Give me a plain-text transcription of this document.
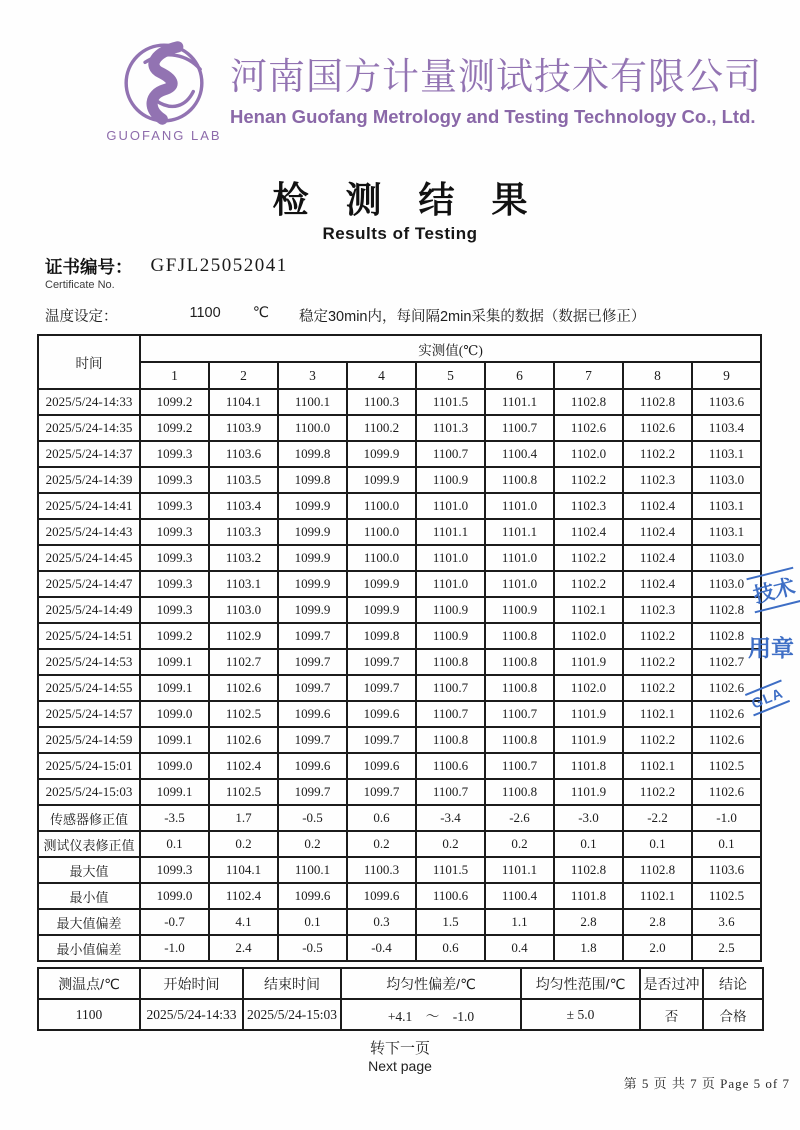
GUOFANG LAB
河南国方计量测试技术有限公司
Henan Guofang Metrology and Testing Technology Co., Ltd.
检 测 结 果
Results of Testing
证书编号：
Certificate No.
GFJL25052041
温度设定：	1100 ℃ 稳定30min内，每间隔2min采集的数据（数据已修正）
时间	实测值(℃)								
	1	2	3	4	5	6	7	8	9
2025/5/24-14:33	1099.2	1104.1	1100.1	1100.3	1101.5	1101.1	1102.8	1102.8	1103.6
2025/5/24-14:35	1099.2	1103.9	1100.0	1100.2	1101.3	1100.7	1102.6	1102.6	1103.4
2025/5/24-14:37	1099.3	1103.6	1099.8	1099.9	1100.7	1100.4	1102.0	1102.2	1103.1
2025/5/24-14:39	1099.3	1103.5	1099.8	1099.9	1100.9	1100.8	1102.2	1102.3	1103.0
2025/5/24-14:41	1099.3	1103.4	1099.9	1100.0	1101.0	1101.0	1102.3	1102.4	1103.1
2025/5/24-14:43	1099.3	1103.3	1099.9	1100.0	1101.1	1101.1	1102.4	1102.4	1103.1
2025/5/24-14:45	1099.3	1103.2	1099.9	1100.0	1101.0	1101.0	1102.2	1102.4	1103.0
2025/5/24-14:47	1099.3	1103.1	1099.9	1099.9	1101.0	1101.0	1102.2	1102.4	1103.0
2025/5/24-14:49	1099.3	1103.0	1099.9	1099.9	1100.9	1100.9	1102.1	1102.3	1102.8
2025/5/24-14:51	1099.2	1102.9	1099.7	1099.8	1100.9	1100.8	1102.0	1102.2	1102.8
2025/5/24-14:53	1099.1	1102.7	1099.7	1099.7	1100.8	1100.8	1101.9	1102.2	1102.7
2025/5/24-14:55	1099.1	1102.6	1099.7	1099.7	1100.7	1100.8	1102.0	1102.2	1102.6
2025/5/24-14:57	1099.0	1102.5	1099.6	1099.6	1100.7	1100.7	1101.9	1102.1	1102.6
2025/5/24-14:59	1099.1	1102.6	1099.7	1099.7	1100.8	1100.8	1101.9	1102.2	1102.6
2025/5/24-15:01	1099.0	1102.4	1099.6	1099.6	1100.6	1100.7	1101.8	1102.1	1102.5
2025/5/24-15:03	1099.1	1102.5	1099.7	1099.7	1100.7	1100.8	1101.9	1102.2	1102.6
传感器修正值	-3.5	1.7	-0.5	0.6	-3.4	-2.6	-3.0	-2.2	-1.0
测试仪表修正值	0.1	0.2	0.2	0.2	0.2	0.2	0.1	0.1	0.1
最大值	1099.3	1104.1	1100.1	1100.3	1101.5	1101.1	1102.8	1102.8	1103.6
最小值	1099.0	1102.4	1099.6	1099.6	1100.6	1100.4	1101.8	1102.1	1102.5
最大值偏差	-0.7	4.1	0.1	0.3	1.5	1.1	2.8	2.8	3.6
最小值偏差	-1.0	2.4	-0.5	-0.4	0.6	0.4	1.8	2.0	2.5
测温点/℃	开始时间	结束时间	均匀性偏差/℃	均匀性范围/℃	是否过冲	结论
1100	2025/5/24-14:33	2025/5/24-15:03	+4.1　～　-1.0	± 5.0	否	合格
转下一页
Next page
第 5 页 共 7 页 Page 5 of 7
技术
用章
GLA
